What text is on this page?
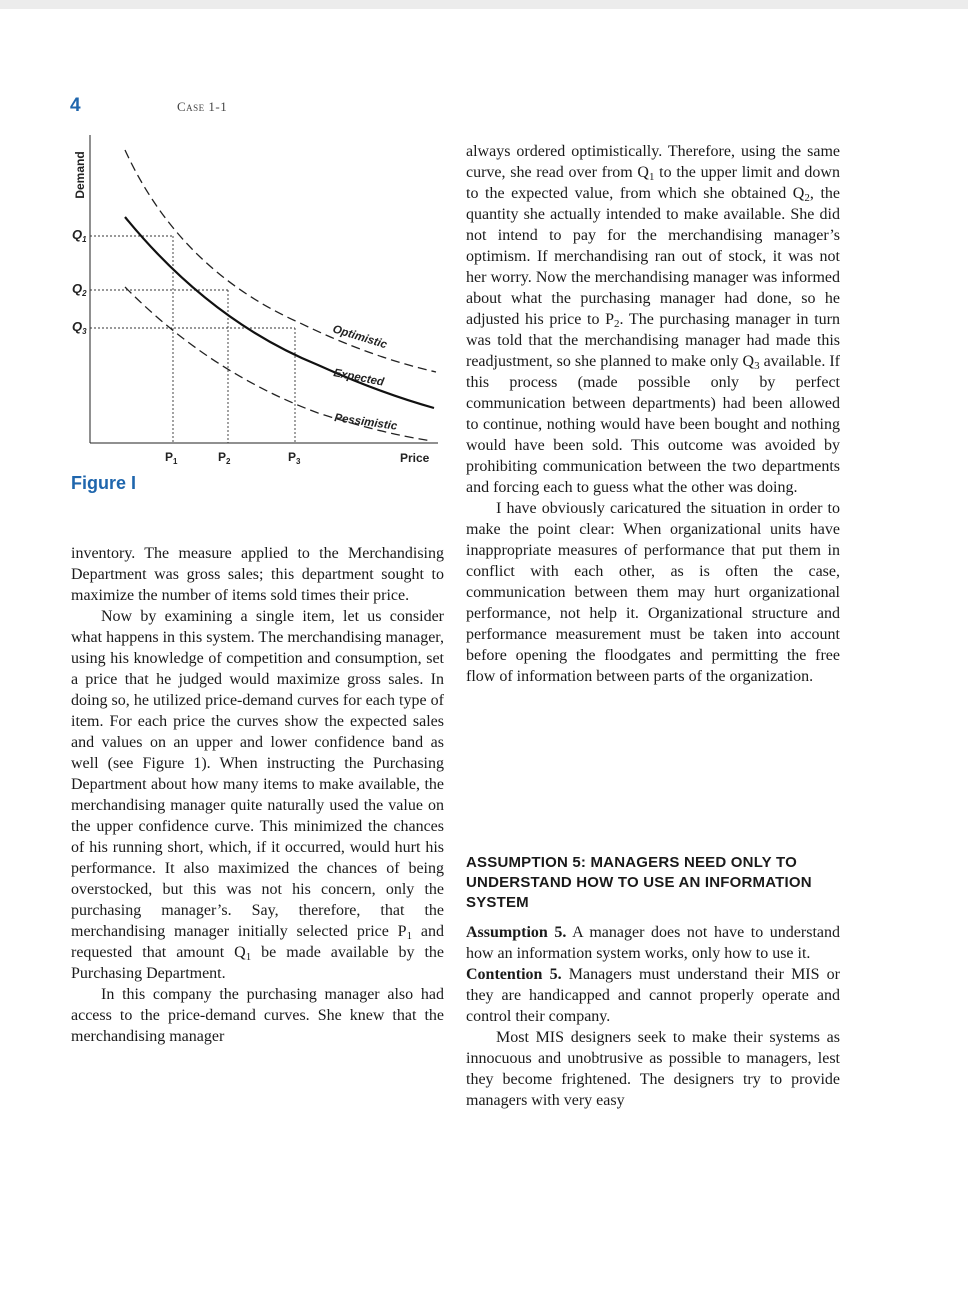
4	Case 1-1
Demand
$Q_1$
$Q_2$
$Q_3$	Optimistic
Expected
Pessimistic
$P_1$	$P_2$	$P_3$	Price
Figure I

inventory. The measure applied to the Merchandising Department was gross sales; this department sought to maximize the number of items sold times their price.

Now by examining a single item, let us consider what happens in this system. The merchandising manager, using his knowledge of competition and consumption, set a price that he judged would maximize gross sales. In doing so, he utilized price-demand curves for each type of item. For each price the curves show the expected sales and values on an upper and lower confidence band as well (see Figure 1). When instructing the Purchasing Department about how many items to make available, the merchandising manager quite naturally used the value on the upper confidence curve. This minimized the chances of his running short, which, if it occurred, would hurt his performance. It also maximized the chances of being overstocked, but this was not his concern, only the purchasing manager’s. Say, therefore, that the merchandising manager initially selected price $P_1$ and requested that amount $Q_1$ be made available by the Purchasing Department.

In this company the purchasing manager also had access to the price-demand curves. She knew that the merchandising manager

always ordered optimistically. Therefore, using the same curve, she read over from $Q_1$ to the upper limit and down to the expected value, from which she obtained $Q_2$, the quantity she actually intended to make available. She did not intend to pay for the merchandising manager’s optimism. If merchandising ran out of stock, it was not her worry. Now the merchandising manager was informed about what the purchasing manager had done, so he adjusted his price to $P_2$. The purchasing manager in turn was told that the merchandising manager had made this readjustment, so she planned to make only $Q_3$ available. If this process (made possible only by perfect communication between departments) had been allowed to continue, nothing would have been bought and nothing would have been sold. This outcome was avoided by prohibiting communication between the two departments and forcing each to guess what the other was doing.

I have obviously caricatured the situation in order to make the point clear: When organizational units have inappropriate measures of performance that put them in conflict with each other, as is often the case, communication between them may hurt organizational performance, not help it. Organizational structure and performance measurement must be taken into account before opening the floodgates and permitting the free flow of information between parts of the organization.

ASSUMPTION 5: MANAGERS NEED ONLY TO UNDERSTAND HOW TO USE AN INFORMATION SYSTEM

Assumption 5. A manager does not have to understand how an information system works, only how to use it.

Contention 5. Managers must understand their MIS or they are handicapped and cannot properly operate and control their company.

Most MIS designers seek to make their systems as innocuous and unobtrusive as possible to managers, lest they become frightened. The designers try to provide managers with very easy
